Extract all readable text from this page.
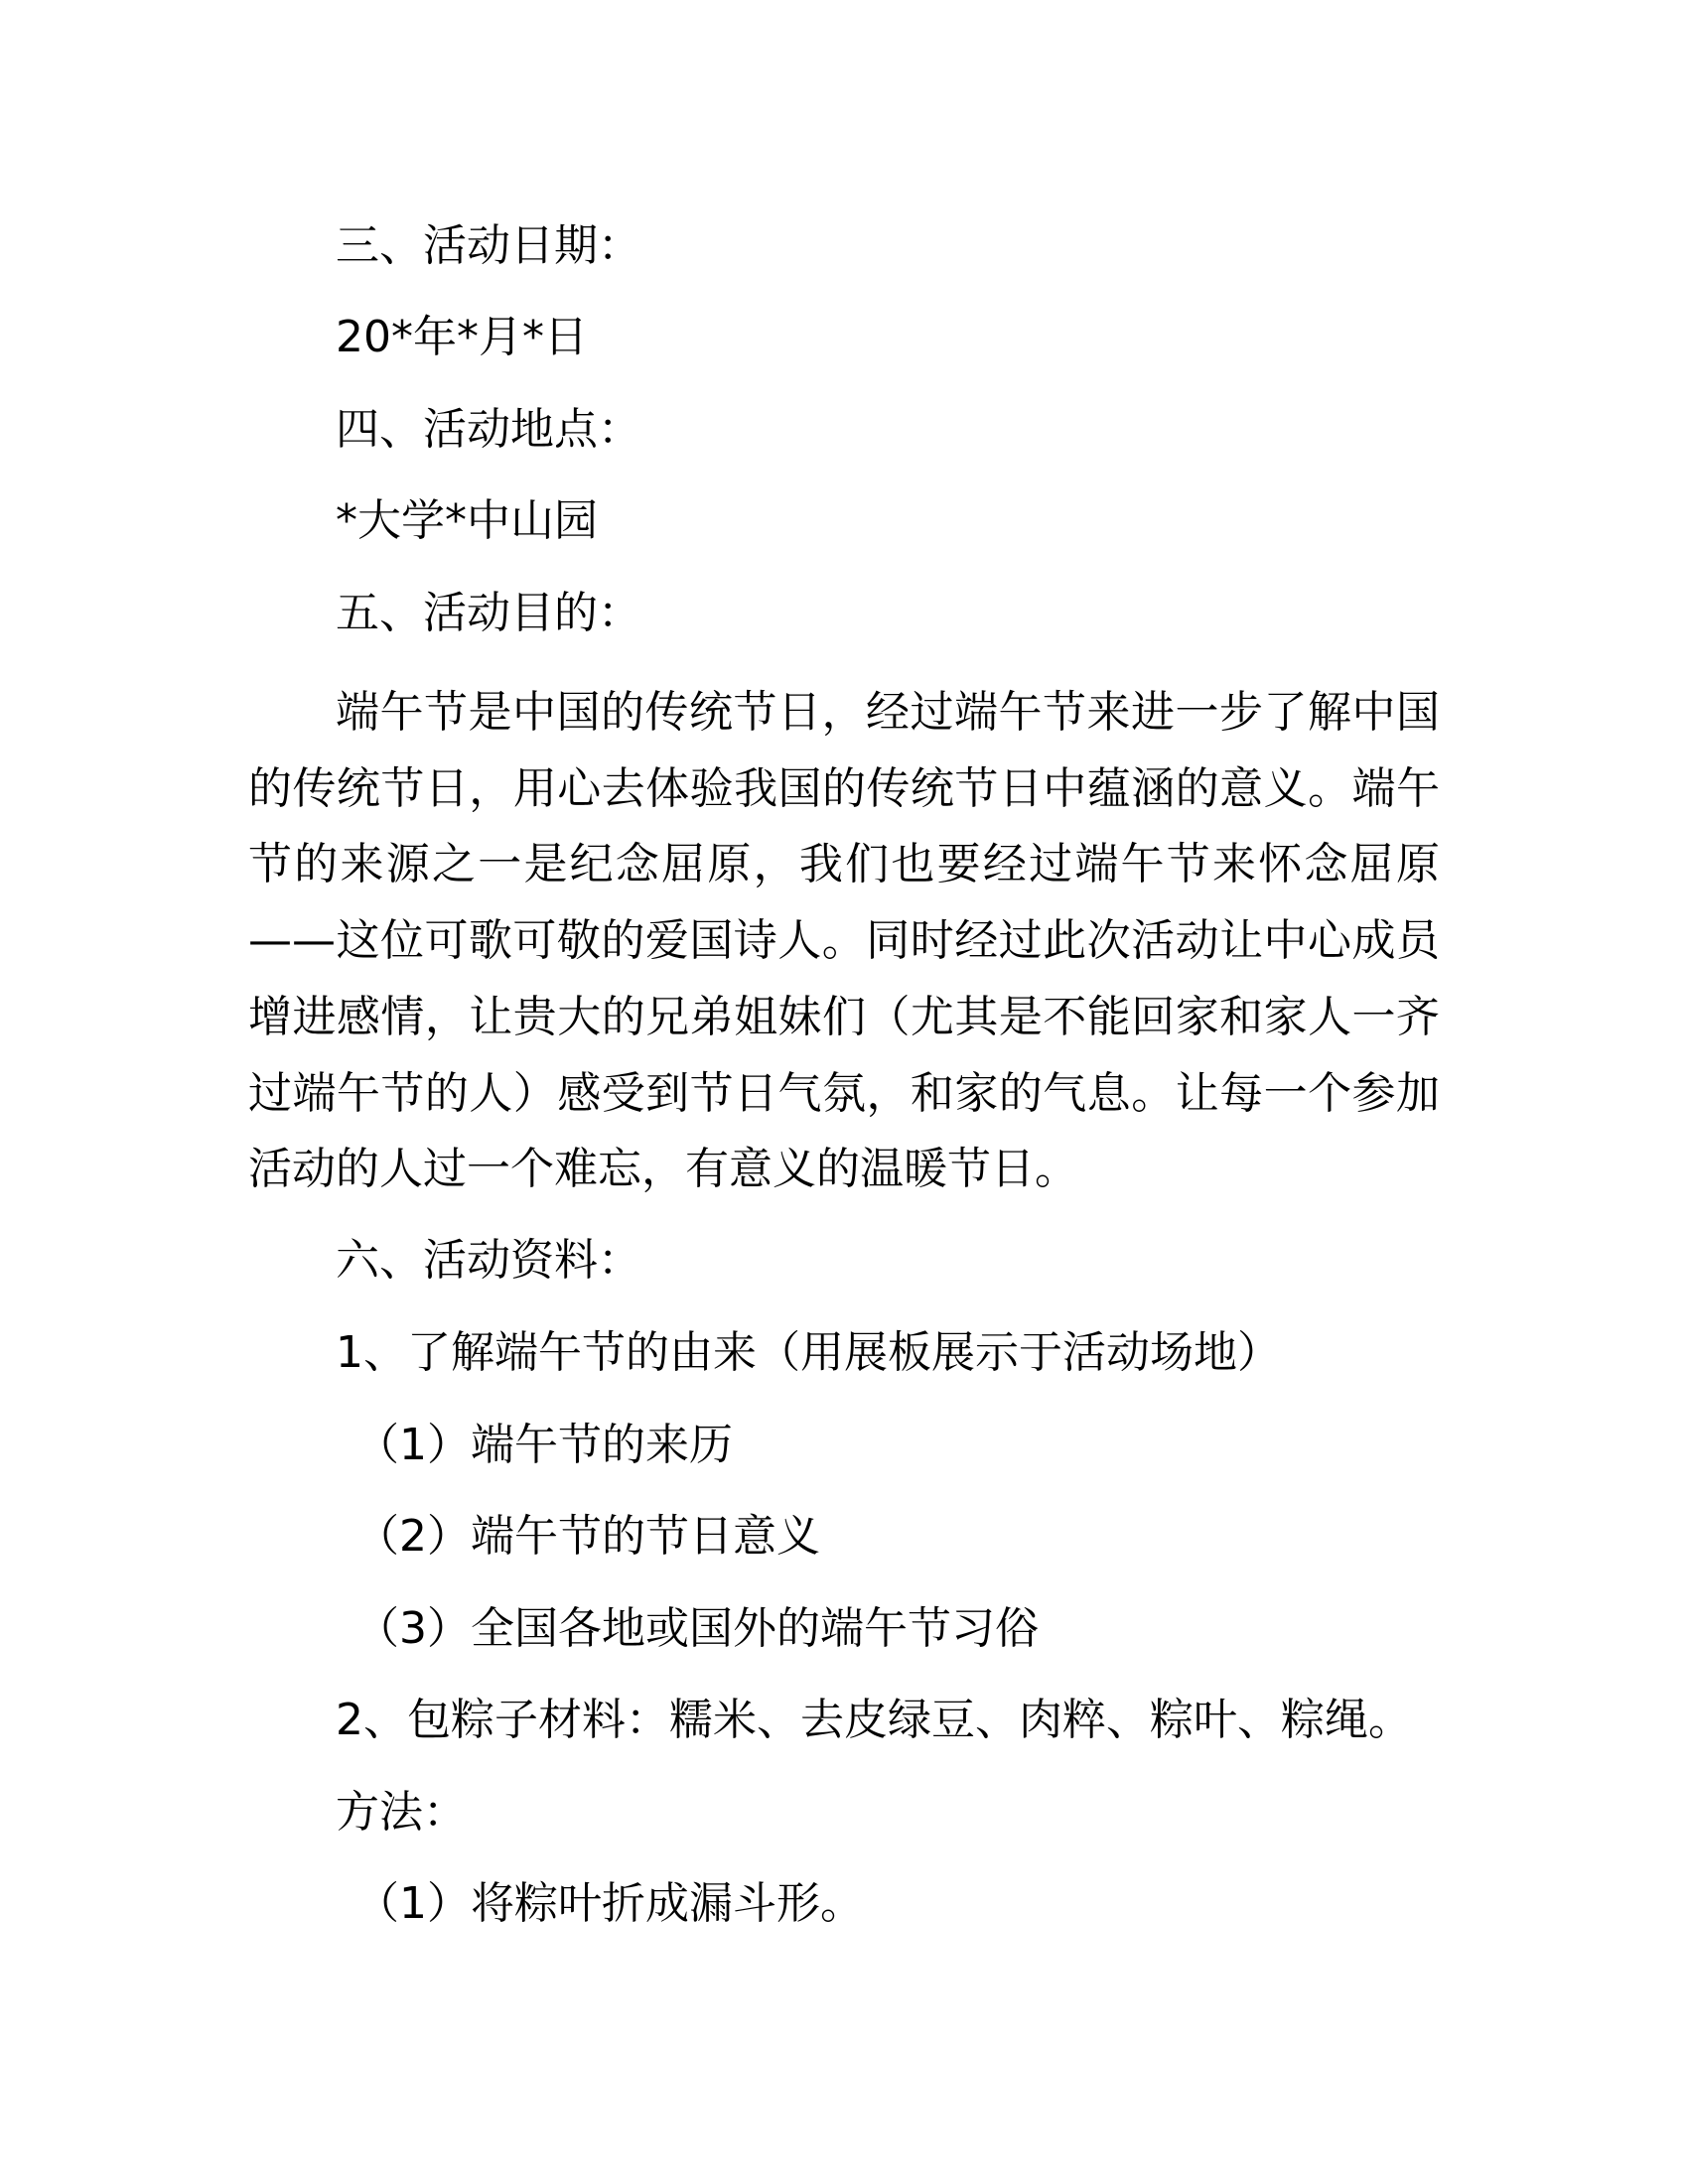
三、活动日期：

20*年*月*日

四、活动地点：

*大学*中山园

五、活动目的：

端午节是中国的传统节日，经过端午节来进一步了解中国的传统节日，用心去体验我国的传统节日中蕴涵的意义。端午节的来源之一是纪念屈原，我们也要经过端午节来怀念屈原——这位可歌可敬的爱国诗人。同时经过此次活动让中心成员增进感情，让贵大的兄弟姐妹们（尤其是不能回家和家人一齐过端午节的人）感受到节日气氛，和家的气息。让每一个参加活动的人过一个难忘，有意义的温暖节日。

六、活动资料：

1、了解端午节的由来（用展板展示于活动场地）

（1）端午节的来历

（2）端午节的节日意义

（3）全国各地或国外的端午节习俗

2、包粽子材料：糯米、去皮绿豆、肉粹、粽叶、粽绳。

方法：

（1）将粽叶折成漏斗形。
